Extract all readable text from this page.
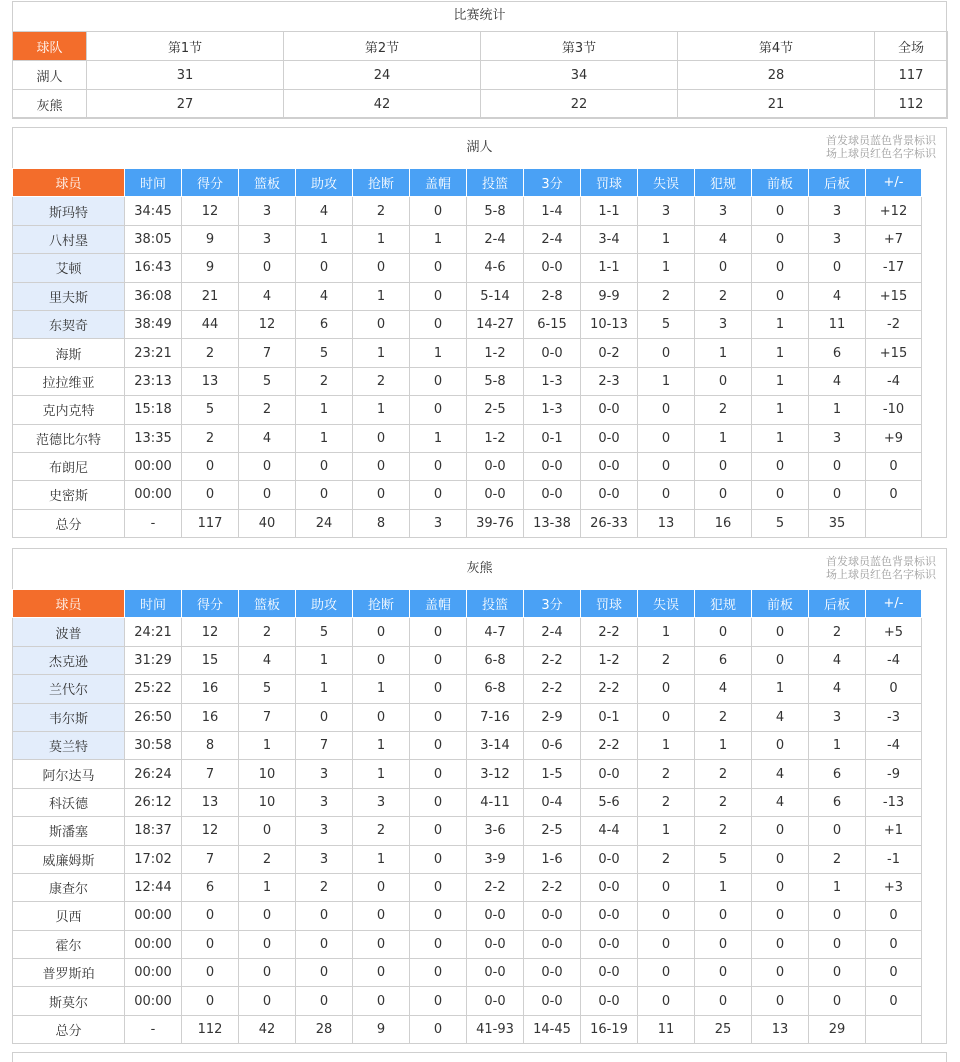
比赛统计
球队	第1节	第2节	第3节	第4节	全场
湖人	31	24	34	28	117
灰熊	27	42	22	21	112
湖人	首发球员蓝色背景标识
场上球员红色名字标识
球员	时间	得分	篮板	助攻	抢断	盖帽	投篮	3分	罚球	失误	犯规	前板	后板	+/-
斯玛特	34:45	12	3	4	2	0	5-8	1-4	1-1	3	3	0	3	+12
八村塁	38:05	9	3	1	1	1	2-4	2-4	3-4	1	4	0	3	+7
艾顿	16:43	9	0	0	0	0	4-6	0-0	1-1	1	0	0	0	-17
里夫斯	36:08	21	4	4	1	0	5-14	2-8	9-9	2	2	0	4	+15
东契奇	38:49	44	12	6	0	0	14-27	6-15	10-13	5	3	1	11	-2
海斯	23:21	2	7	5	1	1	1-2	0-0	0-2	0	1	1	6	+15
拉拉维亚	23:13	13	5	2	2	0	5-8	1-3	2-3	1	0	1	4	-4
克内克特	15:18	5	2	1	1	0	2-5	1-3	0-0	0	2	1	1	-10
范德比尔特	13:35	2	4	1	0	1	1-2	0-1	0-0	0	1	1	3	+9
布朗尼	00:00	0	0	0	0	0	0-0	0-0	0-0	0	0	0	0	0
史密斯	00:00	0	0	0	0	0	0-0	0-0	0-0	0	0	0	0	0
总分	-	117	40	24	8	3	39-76	13-38	26-33	13	16	5	35	
灰熊	首发球员蓝色背景标识
场上球员红色名字标识
球员	时间	得分	篮板	助攻	抢断	盖帽	投篮	3分	罚球	失误	犯规	前板	后板	+/-
波普	24:21	12	2	5	0	0	4-7	2-4	2-2	1	0	0	2	+5
杰克逊	31:29	15	4	1	0	0	6-8	2-2	1-2	2	6	0	4	-4
兰代尔	25:22	16	5	1	1	0	6-8	2-2	2-2	0	4	1	4	0
韦尔斯	26:50	16	7	0	0	0	7-16	2-9	0-1	0	2	4	3	-3
莫兰特	30:58	8	1	7	1	0	3-14	0-6	2-2	1	1	0	1	-4
阿尔达马	26:24	7	10	3	1	0	3-12	1-5	0-0	2	2	4	6	-9
科沃德	26:12	13	10	3	3	0	4-11	0-4	5-6	2	2	4	6	-13
斯潘塞	18:37	12	0	3	2	0	3-6	2-5	4-4	1	2	0	0	+1
威廉姆斯	17:02	7	2	3	1	0	3-9	1-6	0-0	2	5	0	2	-1
康查尔	12:44	6	1	2	0	0	2-2	2-2	0-0	0	1	0	1	+3
贝西	00:00	0	0	0	0	0	0-0	0-0	0-0	0	0	0	0	0
霍尔	00:00	0	0	0	0	0	0-0	0-0	0-0	0	0	0	0	0
普罗斯珀	00:00	0	0	0	0	0	0-0	0-0	0-0	0	0	0	0	0
斯莫尔	00:00	0	0	0	0	0	0-0	0-0	0-0	0	0	0	0	0
总分	-	112	42	28	9	0	41-93	14-45	16-19	11	25	13	29	
